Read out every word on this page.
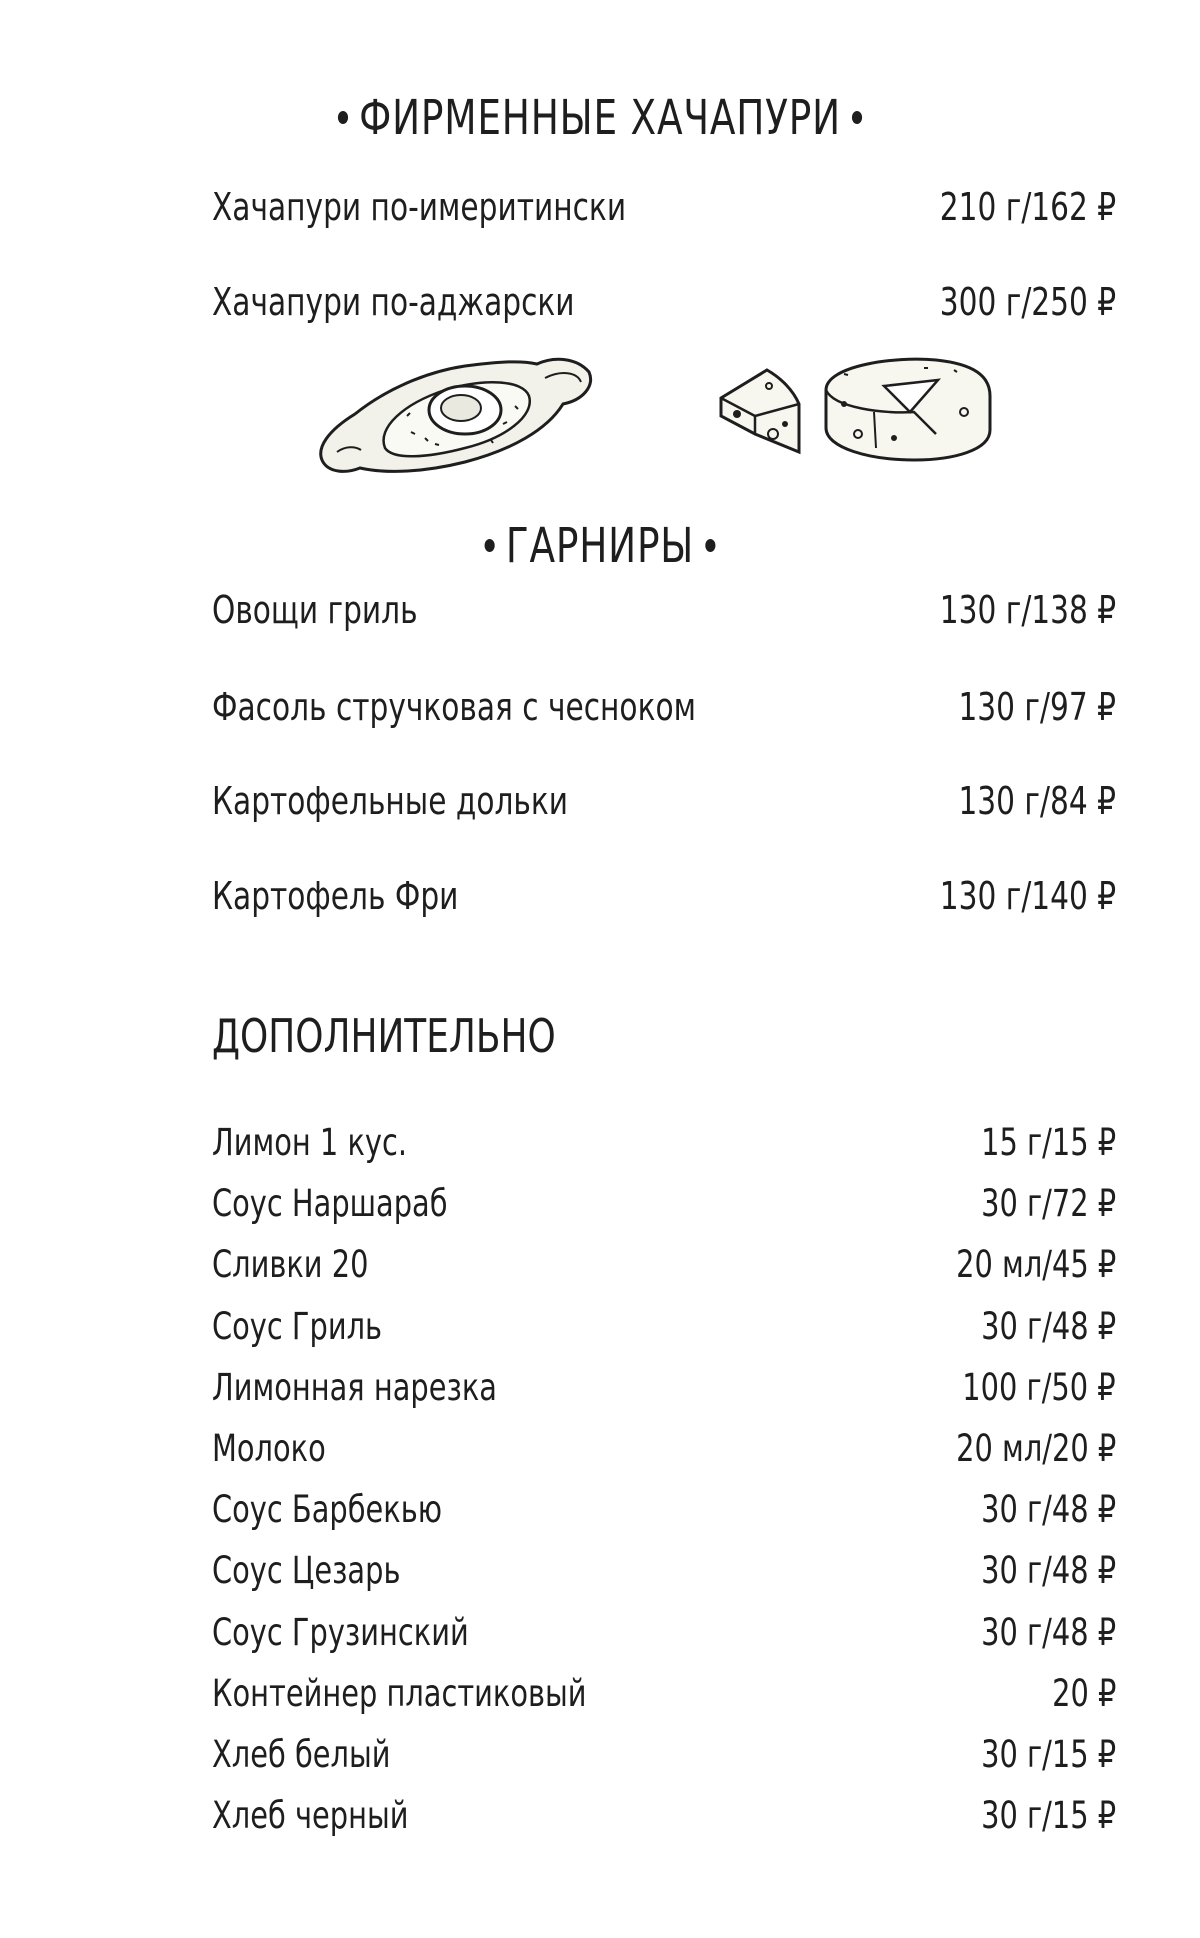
ФИРМЕННЫЕ ХАЧАПУРИ
Хачапури по-имеритински	210 г/162 ₽
Хачапури по-аджарски	300 г/250 ₽
ГАРНИРЫ
Овощи гриль	130 г/138 ₽
Фасоль стручковая с чесноком	130 г/97 ₽
Картофельные дольки	130 г/84 ₽
Картофель Фри	130 г/140 ₽
ДОПОЛНИТЕЛЬНО
Лимон 1 кус.	15 г/15 ₽
Соус Наршараб	30 г/72 ₽
Сливки 20	20 мл/45 ₽
Соус Гриль	30 г/48 ₽
Лимонная нарезка	100 г/50 ₽
Молоко	20 мл/20 ₽
Соус Барбекью	30 г/48 ₽
Соус Цезарь	30 г/48 ₽
Соус Грузинский	30 г/48 ₽
Контейнер пластиковый	20 ₽
Хлеб белый	30 г/15 ₽
Хлеб черный	30 г/15 ₽
